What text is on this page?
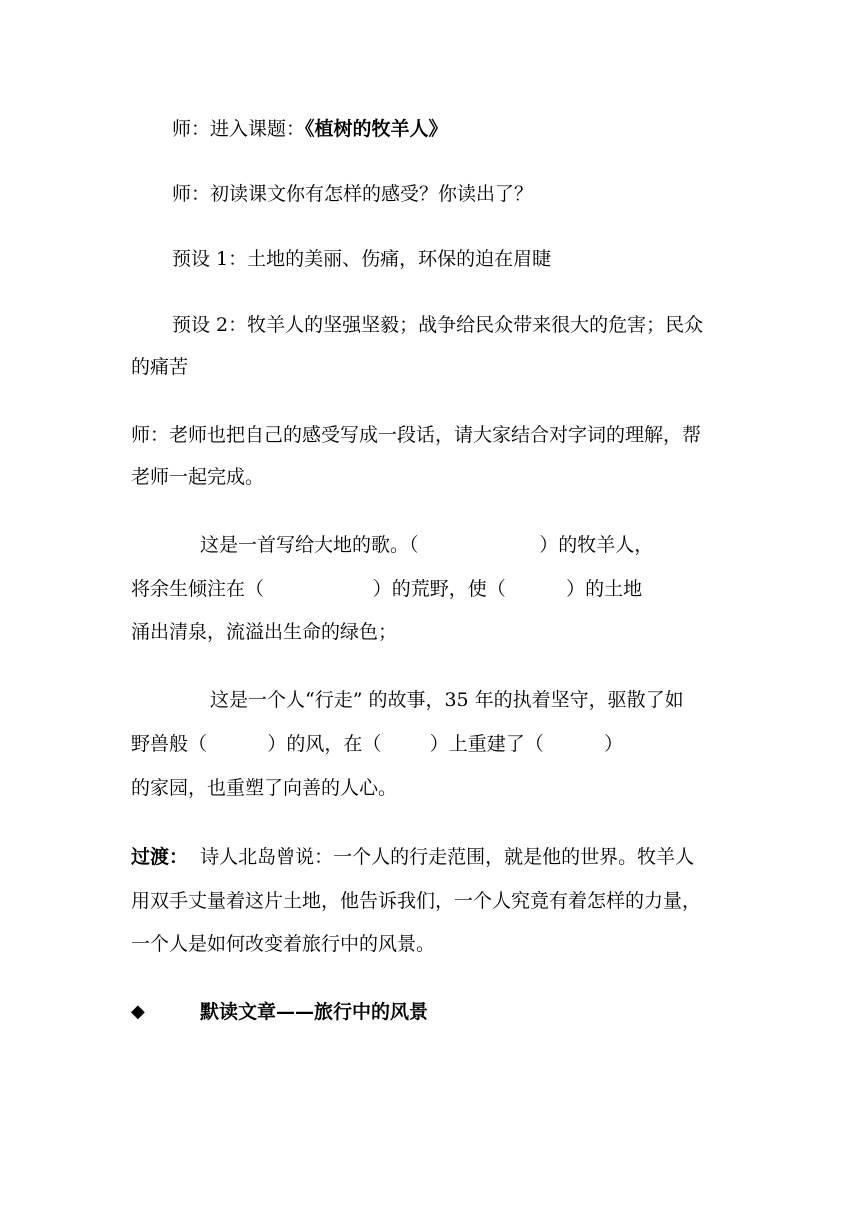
师：进入课题：《植树的牧羊人》
师：初读课文你有怎样的感受？你读出了？
预设 1：土地的美丽、伤痛，环保的迫在眉睫
预设 2：牧羊人的坚强坚毅；战争给民众带来很大的危害；民众
的痛苦
师：老师也把自己的感受写成一段话，请大家结合对字词的理解，帮
老师一起完成。
这是一首写给大地的歌。（                    ）的牧羊人，
将余生倾注在（                  ）的荒野，使（          ）的土地
涌出清泉，流溢出生命的绿色；
这是一个人“行走” 的故事，35 年的执着坚守，驱散了如
野兽般（          ）的风，在（        ）上重建了（          ）
的家园，也重塑了向善的人心。
过渡：  诗人北岛曾说：一个人的行走范围，就是他的世界。牧羊人
用双手丈量着这片土地，他告诉我们，一个人究竟有着怎样的力量，
一个人是如何改变着旅行中的风景。
◆	默读文章——旅行中的风景
